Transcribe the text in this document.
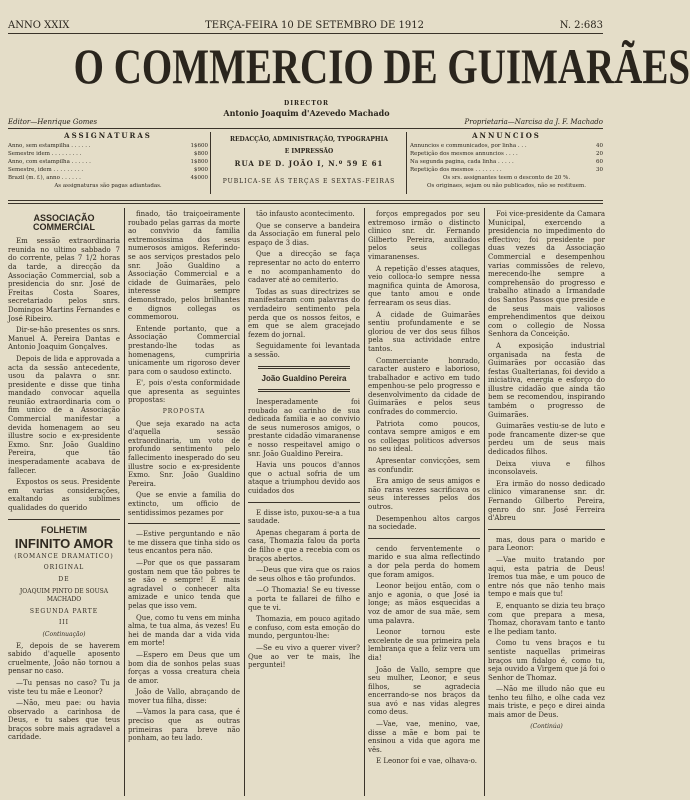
ANNO XXIX	TERÇA-FEIRA 10 DE SETEMBRO DE 1912	N. 2:683
O COMMERCIO DE GUIMARÃES
DIRECTOR
Antonio Joaquim d'Azevedo Machado
Editor—Henrique Gomes	Proprietaria—Narcisa da J. F. Machado
ASSIGNATURAS
Anno, sem estampilha . . . . . .	1$600
Semestre idem . . . . . . . . .	$800
Anno, com estampilha . . . . . .	1$800
Semestre, idem . . . . . . . . .	$900
Brazil (m. f.), anno . . . . . .	4$000
As assignaturas são pagas adiantadas.
REDACÇÃO, ADMINISTRAÇÃO, TYPOGRAPHIA
E IMPRESSÃO
RUA DE D. JOÃO I, N.º 59 E 61
PUBLICA-SE ÁS TERÇAS E SEXTAS-FEIRAS
ANNUNCIOS
Annuncios e communicados, por linha . . .	40
Repetição dos mesmos annuncios . . . .	20
Na segunda pagina, cada linha . . . . .	60
Repetição dos mesmos . . . . . . . .	30
Os srs. assignantes teem o desconto de 20 %.
Os originaes, sejam ou não publicados, não se restituem.
ASSOCIAÇÃO COMMERCIAL

Em sessão extraordinaria reunida no ultimo sabbado 7 do corrente, pelas 7 1/2 horas da tarde, a direcção da Associação Commercial, sob a presidencia do snr. José de Freitas Costa Soares, secretariado pelos snrs. Domingos Martins Fernandes e José Ribeiro.

Dir-se-hão presentes os snrs. Manuel A. Pereira Dantas e Antonio Joaquim Gonçalves.

Depois de lida e approvada a acta da sessão antecedente, usou da palavra o snr. presidente e disse que tinha mandado convocar aquella reunião extraordinaria com o fim unico de a Associação Commercial manifestar a devida homenagem ao seu illustre socio e ex-presidente Exmo. Snr. João Gualdino Pereira, que tão inesperadamente acabava de fallecer.

Expostos os seus. Presidente em varias considerações, exaltando as sublimes qualidades do querido

FOLHETIM
INFINITO AMOR
(ROMANCE DRAMATICO)
ORIGINAL
DE
JOAQUIM PINTO DE SOUSA MACHADO
SEGUNDA PARTE
III
(Continuação)

E, depois de se haverem sabido d'aquelle aposento cruelmente, João não tornou a pensar no caso.

—Tu pensas no caso? Tu ja viste teu tu mãe e Leonor?

—Não, meu pae: ou havia observado a carinhosa de Deus, e tu sabes que teus braços sobre mais agradavel a caridade.

finado, tão traiçoeiramente roubado pelas garras da morte ao convivio da familia extremosissima dos seus numerosos amigos. Referindo-se aos serviços prestados pelo snr. João Gualdino a Associação Commercial e a cidade de Guimarães, pelo interesse sempre demonstrado, pelos brilhantes e dignos collegas os commemorou.

Entende portanto, que a Associação Commercial prestando-lhe todas as homenagens, cumpriria unicamente um rigoroso dever para com o saudoso extincto.

E', pois o'esta conformidade que apresenta as seguintes propostas:

PROPOSTA

Que seja exarado na acta d'aquella sessão extraordinaria, um voto de profundo sentimento pelo fallecimento inesperado do seu illustre socio e ex-presidente Exmo. Snr. João Gualdino Pereira.

Que se envie a familia do extincto, um officio de sentidissimos pezames por

—Estive perguntando e não te me dissera que tinha sido os teus encantos pera não.

—Por que os que passaram gostam nem que tão pobres te se são e sempre! E mais agradavel o conhecer alta amizade e unico tenda que pelas que isso vem.

Que, como tu vens em minha alma, te tua alma, ás vezes! Eu hei de manda dar a vida vida em morte!

—Espero em Deus que um bom dia de sonhos pelas suas forças a vossa creatura cheia de amor.

João de Vallo, abraçando de mover tua filha, disse:

—Vamos la para casa, que é preciso que as outras primeiras para breve não ponham, ao teu lado.

tão infausto acontecimento.

Que se conserve a bandeira da Associação em funeral pelo espaço de 3 dias.

Que a direcção se faça representar no acto do enterro e no acompanhamento do cadaver até ao cemiterio.

Todas as suas directrizes se manifestaram com palavras do verdadeiro sentimento pela perda que os nossos feitos, e em que se alem gracejado fezem do jornal.

Seguidamente foi levantada a sessão.

João Gualdino Pereira

Inesperadamente foi roubado ao carinho de sua dedicada familia e ao convivio de seus numerosos amigos, o prestante cidadão vimaranense e nosso respeitavel amigo o snr. João Gualdino Pereira.

Havia uns poucos d'annos que o actual sofria de um ataque a triumphou devido aos cuidados dos

E disse isto, puxou-se-a a tua saudade.

Apenas chegaram á porta de casa, Thomazia falou da porta de filho e que a recebia com os braços abertos.

—Deus que vira que os raios de seus olhos e tão profundos.

—O Thomazia! Se eu tivesse a porta te fallarei de filho e que te vi.

Thomazia, em pouco agitado e confuso, com esta emoção do mundo, perguntou-lhe:

—Se eu vivo a querer viver? Que ao ver te mais, lhe perguntei!

forços empregados por seu extremoso irmão o distincto clinico snr. dr. Fernando Gilberto Pereira, auxiliados pelos seus collegas vimaranenses.

A repetição d'esses ataques, veio colloca-lo sempre nessa magnifica quinta de Amorosa, que tanto amou e onde ferrearam os seus dias.

A cidade de Guimarães sentiu profundamente e se gloriou de ver dos seus filhos pela sua actividade entre tantos.

Commerciante honrado, caracter austero e laborioso, trabalhador e activo em tudo empenhou-se pelo progresso e desenvolvimento da cidade de Guimarães e pelos seus confrades do commercio.

Patriota como poucos, contava sempre amigos e em os collegas politicos adversos no seu ideal.

Apresentar convicções, sem as confundir.

Era amigo de seus amigos e não raras vezes sacrificava os seus interesses pelos dos outros.

Desempenhou altos cargos na sociedade.

cendo ferventemente o marido e sua alma reflectindo a dor pela perda do homem que foram amigos.

Leonor beijou então, com o anjo e agonia, o que José ia longe; as mãos esquecidas a voz de amor de sua mãe, sem uma palavra.

Leonor tornou este excelente de sua primeira pela lembrança que a feliz vera um dia!

João de Vallo, sempre que seu mulher, Leonor, e seus filhos, se agradecia encerrando-se nos braços da sua avó e nas vidas alegres como deus.

—Vae, vae, menino, vae, disse a mãe e bom pai te ensinou a vida que agora me vês.

E Leonor foi e vae, olhava-o.

Foi vice-presidente da Camara Municipal, exercendo a presidencia no impedimento do effectivo; foi presidente por duas vezes da Associação Commercial e desempenhou varias commissões de relevo, merecendo-lhe sempre a comprehensão do progresso e trabalho atinado a Irmandade dos Santos Passos que preside e de seus mais valiosos emprehendimentos que deixou com o collegio de Nossa Senhora da Conceição.

A exposição industrial organisada na festa de Guimarães por occasião das festas Gualterianas, foi devido a iniciativa, energia e esforço do illustre cidadão que ainda tão bem se recomendou, inspirando também o progresso de Guimarães.

Guimarães vestiu-se de luto e pode francamente dizer-se que perdeu um de seus mais dedicados filhos.

Deixa viuva e filhos inconsolaveis.

Era irmão do nosso dedicado clinico vimaranense snr. dr. Fernando Gilberto Pereira, genro do snr. José Ferreira d'Abreu

mas, dous para o marido e para Leonor:

—Vae muito tratando por aqui, esta patria de Deus! Iremos tua mãe, e um pouco de entre nós que não tenho mais tempo e mais que tu!

E, enquanto se dizia teu braço com que prepara a mesa, Thomaz, choravam tanto e tanto e lhe pediam tanto.

Como tu vens braços e tu sentiste naquellas primeiras braços um fidalgo é, como tu, seja ouvido a Virgem que já foi o Senhor de Thomaz.

—Não me illudo não que eu tenho teu filho, e olhe cada vez mais triste, e peço e direi ainda mais amor de Deus.

(Continúa)
